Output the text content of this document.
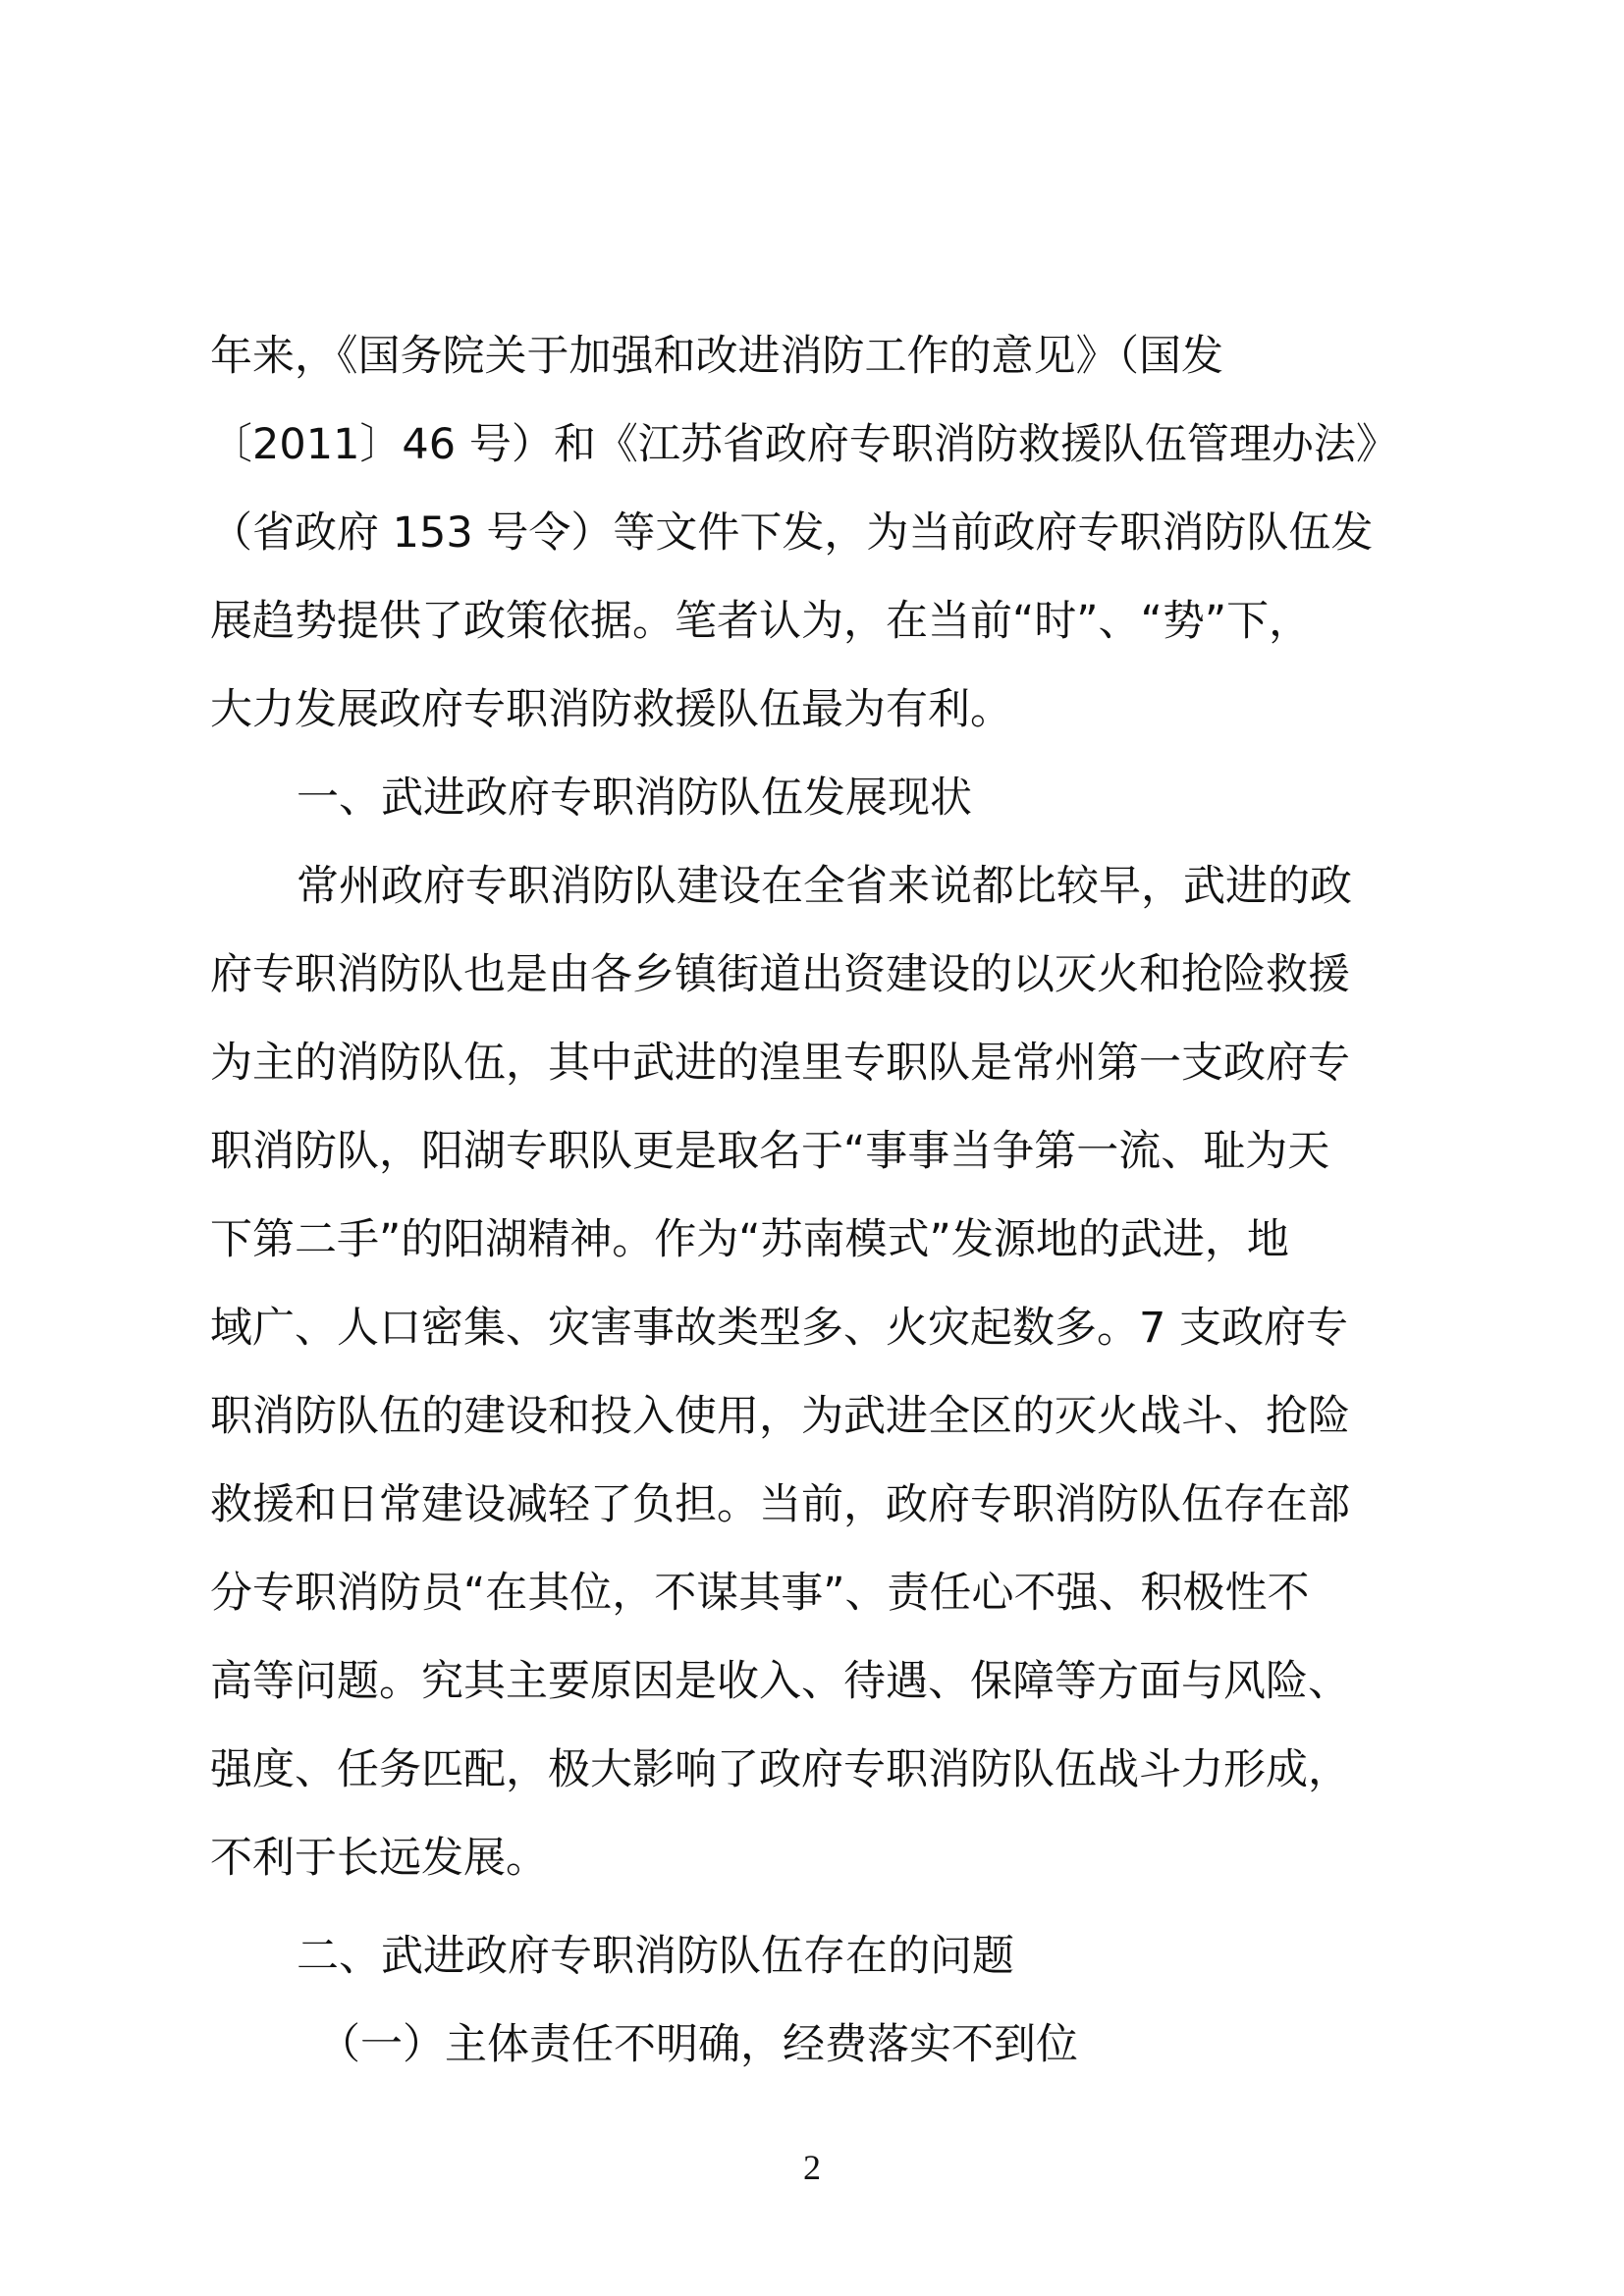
年来，《国务院关于加强和改进消防工作的意见》（国发
〔2011〕46 号）和《江苏省政府专职消防救援队伍管理办法》
（省政府 153 号令）等文件下发，为当前政府专职消防队伍发
展趋势提供了政策依据。笔者认为，在当前“时”、“势”下，
大力发展政府专职消防救援队伍最为有利。
一、武进政府专职消防队伍发展现状
常州政府专职消防队建设在全省来说都比较早，武进的政
府专职消防队也是由各乡镇街道出资建设的以灭火和抢险救援
为主的消防队伍，其中武进的湟里专职队是常州第一支政府专
职消防队，阳湖专职队更是取名于“事事当争第一流、耻为天
下第二手”的阳湖精神。作为“苏南模式”发源地的武进，地
域广、人口密集、灾害事故类型多、火灾起数多。7 支政府专
职消防队伍的建设和投入使用，为武进全区的灭火战斗、抢险
救援和日常建设减轻了负担。当前，政府专职消防队伍存在部
分专职消防员“在其位，不谋其事”、责任心不强、积极性不
高等问题。究其主要原因是收入、待遇、保障等方面与风险、
强度、任务匹配，极大影响了政府专职消防队伍战斗力形成，
不利于长远发展。
二、武进政府专职消防队伍存在的问题
（一）主体责任不明确，经费落实不到位
2
